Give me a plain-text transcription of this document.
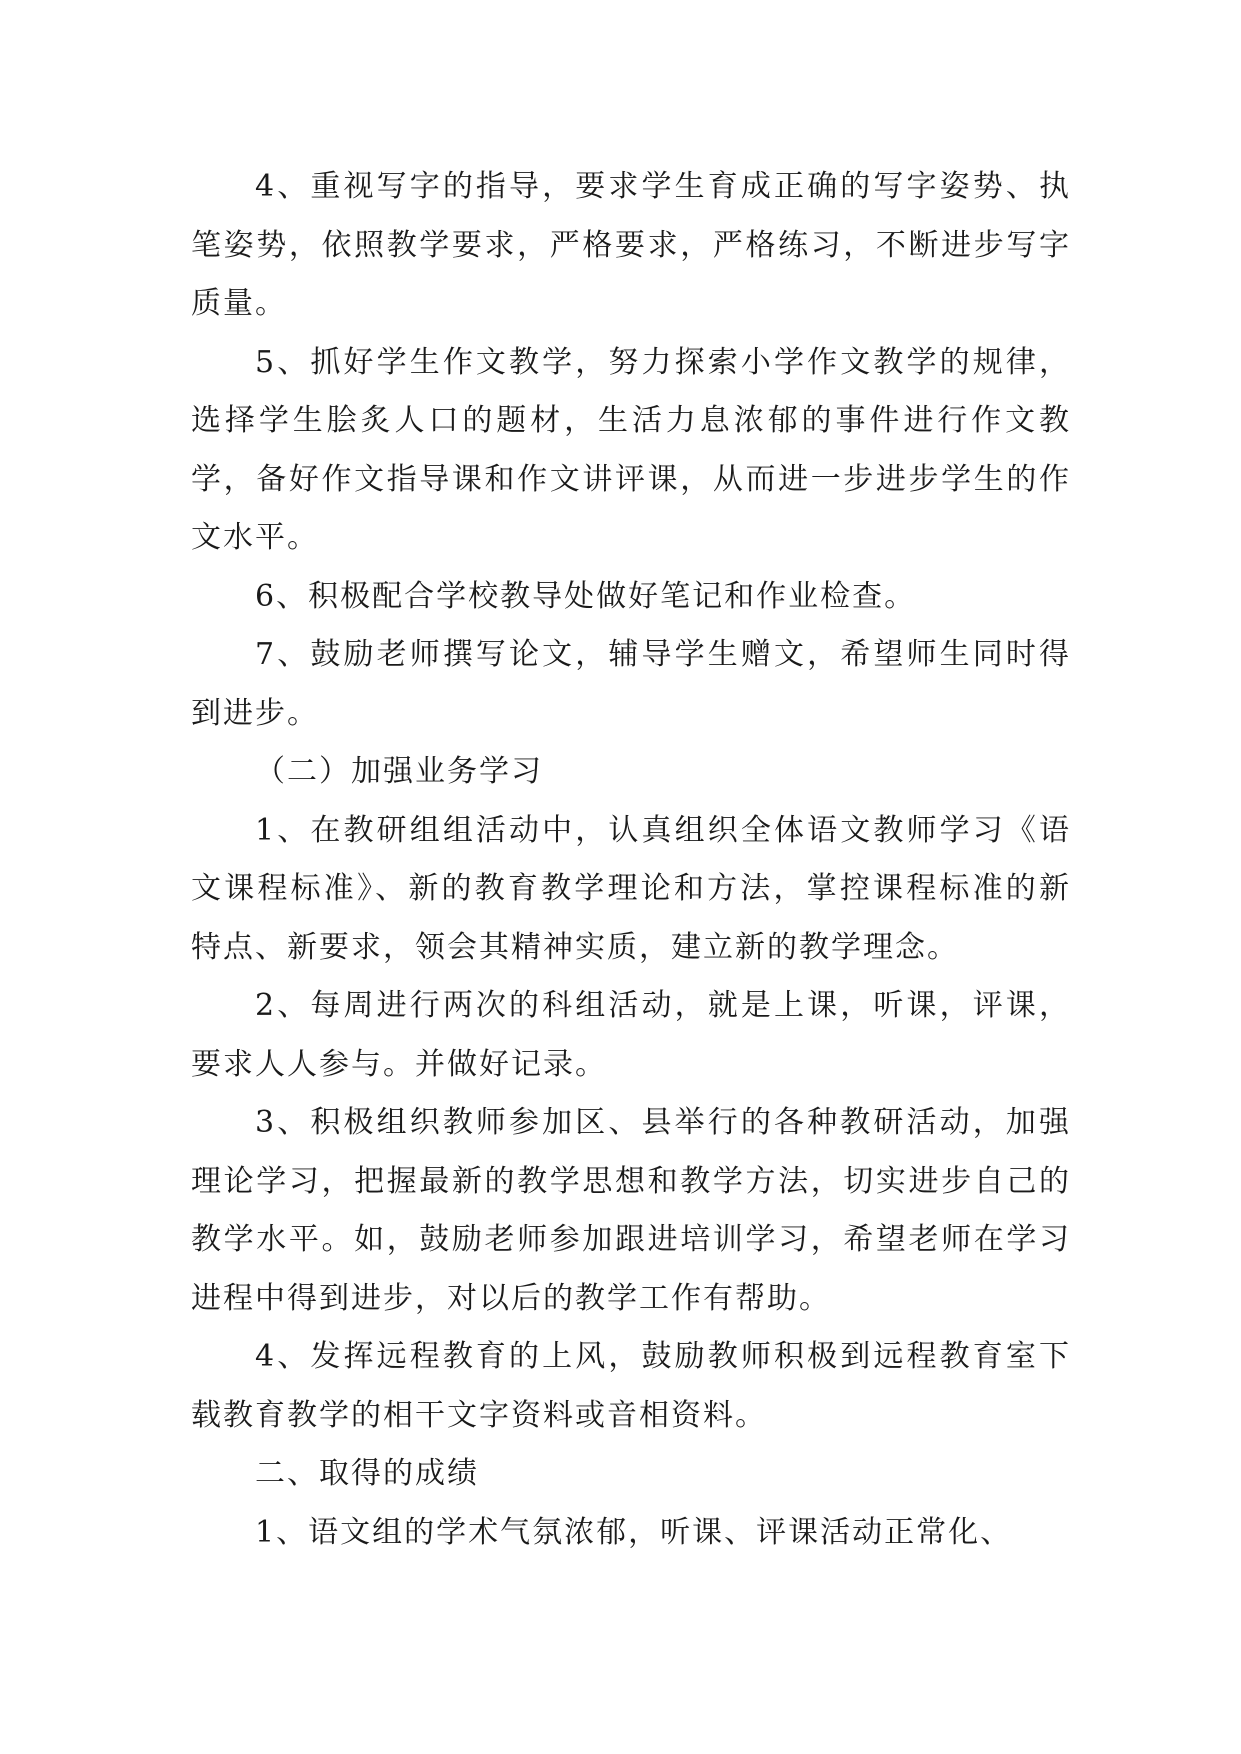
4、重视写字的指导，要求学生育成正确的写字姿势、执笔姿势，依照教学要求，严格要求，严格练习，不断进步写字质量。

5、抓好学生作文教学，努力探索小学作文教学的规律，选择学生脍炙人口的题材，生活力息浓郁的事件进行作文教学，备好作文指导课和作文讲评课，从而进一步进步学生的作文水平。

6、积极配合学校教导处做好笔记和作业检查。

7、鼓励老师撰写论文，辅导学生赠文，希望师生同时得到进步。

（二）加强业务学习

1、在教研组组活动中，认真组织全体语文教师学习《语文课程标准》、新的教育教学理论和方法，掌控课程标准的新特点、新要求，领会其精神实质，建立新的教学理念。

2、每周进行两次的科组活动，就是上课，听课，评课，要求人人参与。并做好记录。

3、积极组织教师参加区、县举行的各种教研活动，加强理论学习，把握最新的教学思想和教学方法，切实进步自己的教学水平。如，鼓励老师参加跟进培训学习，希望老师在学习进程中得到进步，对以后的教学工作有帮助。

4、发挥远程教育的上风，鼓励教师积极到远程教育室下载教育教学的相干文字资料或音相资料。

二、取得的成绩

1、语文组的学术气氛浓郁，听课、评课活动正常化、
